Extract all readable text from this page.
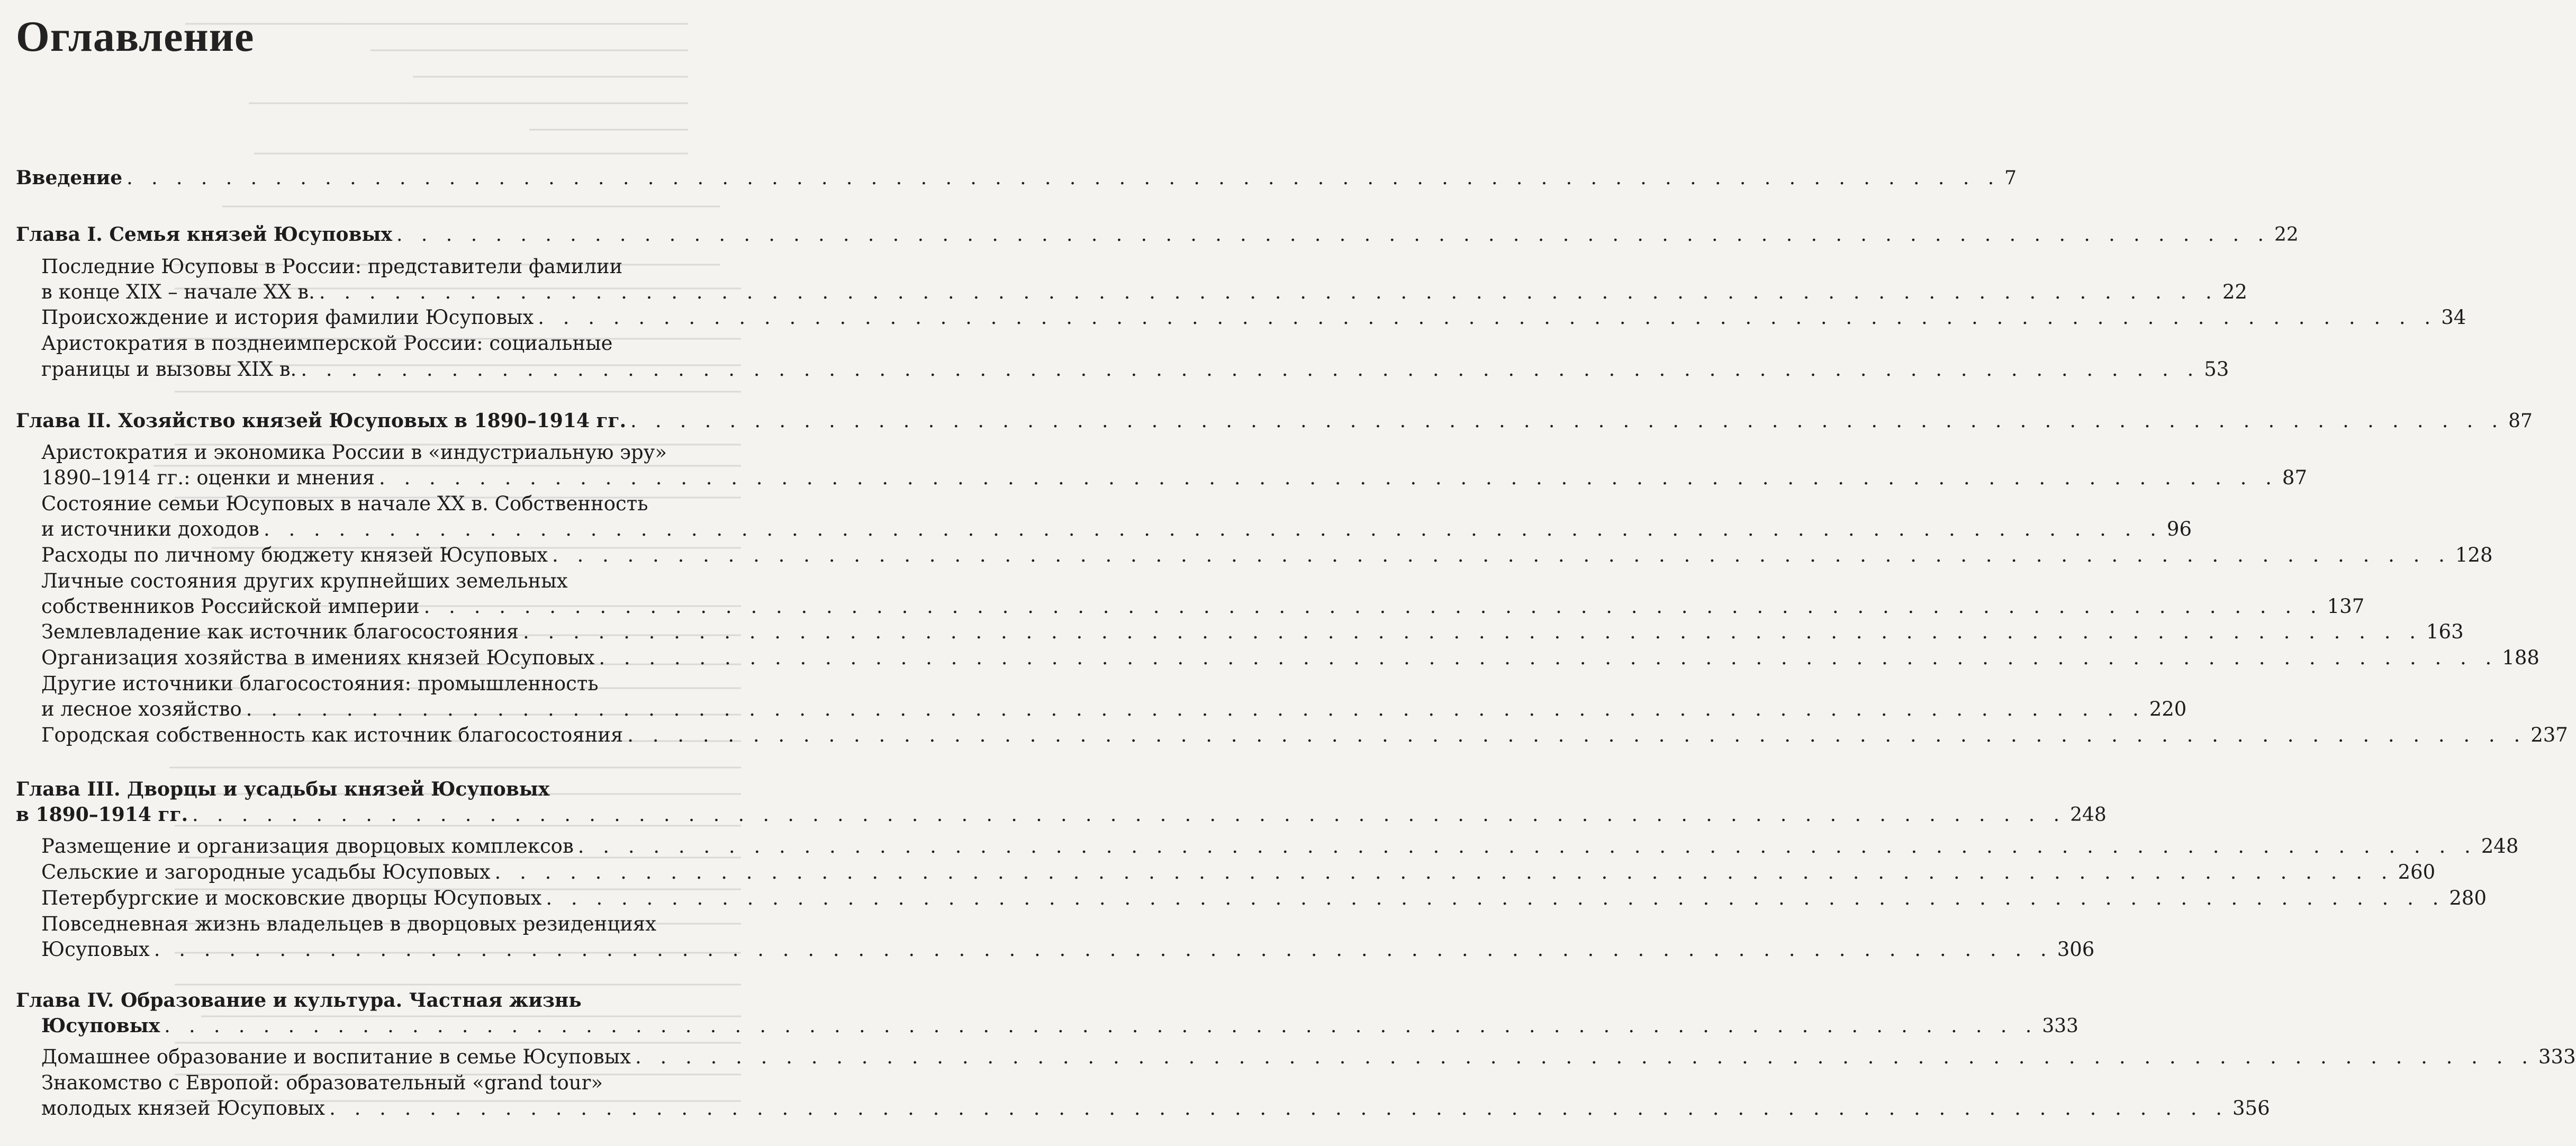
Оглавление
Введение . . . . . . . . . . . . . . . . . . . . . . . . . . . . . . . . . . . . . . . . . . . . . . . . . . . . . . . . . . . . . . . . . . . . . . . . . . . . 7
Глава I. Семья князей Юсуповых . . . . . . . . . . . . . . . . . . . . . . . . . . . . . . . . . . . . . . . . . . . . . . . . . . . . . . . . . . . . . . . . . . . . . . . . . . . . 22
Последние Юсуповы в России: представители фамилии
в конце XIX – начале XX в. . . . . . . . . . . . . . . . . . . . . . . . . . . . . . . . . . . . . . . . . . . . . . . . . . . . . . . . . . . . . . . . . . . . . . . . . . . . . 22
Происхождение и история фамилии Юсуповых . . . . . . . . . . . . . . . . . . . . . . . . . . . . . . . . . . . . . . . . . . . . . . . . . . . . . . . . . . . . . . . . . . . . . . . . . . . . 34
Аристократия в позднеимперской России: социальные
границы и вызовы XIX в. . . . . . . . . . . . . . . . . . . . . . . . . . . . . . . . . . . . . . . . . . . . . . . . . . . . . . . . . . . . . . . . . . . . . . . . . . . . . 53
Глава II. Хозяйство князей Юсуповых в 1890–1914 гг. . . . . . . . . . . . . . . . . . . . . . . . . . . . . . . . . . . . . . . . . . . . . . . . . . . . . . . . . . . . . . . . . . . . . . . . . . . . . 87
Аристократия и экономика России в «индустриальную эру»
1890–1914 гг.: оценки и мнения . . . . . . . . . . . . . . . . . . . . . . . . . . . . . . . . . . . . . . . . . . . . . . . . . . . . . . . . . . . . . . . . . . . . . . . . . . . . 87
Состояние семьи Юсуповых в начале XX в. Собственность
и источники доходов . . . . . . . . . . . . . . . . . . . . . . . . . . . . . . . . . . . . . . . . . . . . . . . . . . . . . . . . . . . . . . . . . . . . . . . . . . . . 96
Расходы по личному бюджету князей Юсуповых . . . . . . . . . . . . . . . . . . . . . . . . . . . . . . . . . . . . . . . . . . . . . . . . . . . . . . . . . . . . . . . . . . . . . . . . . . . . 128
Личные состояния других крупнейших земельных
собственников Российской империи . . . . . . . . . . . . . . . . . . . . . . . . . . . . . . . . . . . . . . . . . . . . . . . . . . . . . . . . . . . . . . . . . . . . . . . . . . . . 137
Землевладение как источник благосостояния . . . . . . . . . . . . . . . . . . . . . . . . . . . . . . . . . . . . . . . . . . . . . . . . . . . . . . . . . . . . . . . . . . . . . . . . . . . . 163
Организация хозяйства в имениях князей Юсуповых . . . . . . . . . . . . . . . . . . . . . . . . . . . . . . . . . . . . . . . . . . . . . . . . . . . . . . . . . . . . . . . . . . . . . . . . . . . . 188
Другие источники благосостояния: промышленность
и лесное хозяйство . . . . . . . . . . . . . . . . . . . . . . . . . . . . . . . . . . . . . . . . . . . . . . . . . . . . . . . . . . . . . . . . . . . . . . . . . . . . 220
Городская собственность как источник благосостояния . . . . . . . . . . . . . . . . . . . . . . . . . . . . . . . . . . . . . . . . . . . . . . . . . . . . . . . . . . . . . . . . . . . . . . . . . . . . 237
Глава III. Дворцы и усадьбы князей Юсуповых
в 1890–1914 гг. . . . . . . . . . . . . . . . . . . . . . . . . . . . . . . . . . . . . . . . . . . . . . . . . . . . . . . . . . . . . . . . . . . . . . . . . . . . . 248
Размещение и организация дворцовых комплексов . . . . . . . . . . . . . . . . . . . . . . . . . . . . . . . . . . . . . . . . . . . . . . . . . . . . . . . . . . . . . . . . . . . . . . . . . . . . 248
Сельские и загородные усадьбы Юсуповых . . . . . . . . . . . . . . . . . . . . . . . . . . . . . . . . . . . . . . . . . . . . . . . . . . . . . . . . . . . . . . . . . . . . . . . . . . . . 260
Петербургские и московские дворцы Юсуповых . . . . . . . . . . . . . . . . . . . . . . . . . . . . . . . . . . . . . . . . . . . . . . . . . . . . . . . . . . . . . . . . . . . . . . . . . . . . 280
Повседневная жизнь владельцев в дворцовых резиденциях
Юсуповых . . . . . . . . . . . . . . . . . . . . . . . . . . . . . . . . . . . . . . . . . . . . . . . . . . . . . . . . . . . . . . . . . . . . . . . . . . . . 306
Глава IV. Образование и культура. Частная жизнь
Юсуповых . . . . . . . . . . . . . . . . . . . . . . . . . . . . . . . . . . . . . . . . . . . . . . . . . . . . . . . . . . . . . . . . . . . . . . . . . . . . 333
Домашнее образование и воспитание в семье Юсуповых . . . . . . . . . . . . . . . . . . . . . . . . . . . . . . . . . . . . . . . . . . . . . . . . . . . . . . . . . . . . . . . . . . . . . . . . . . . . 333
Знакомство с Европой: образовательный «grand tour»
молодых князей Юсуповых . . . . . . . . . . . . . . . . . . . . . . . . . . . . . . . . . . . . . . . . . . . . . . . . . . . . . . . . . . . . . . . . . . . . . . . . . . . . 356
